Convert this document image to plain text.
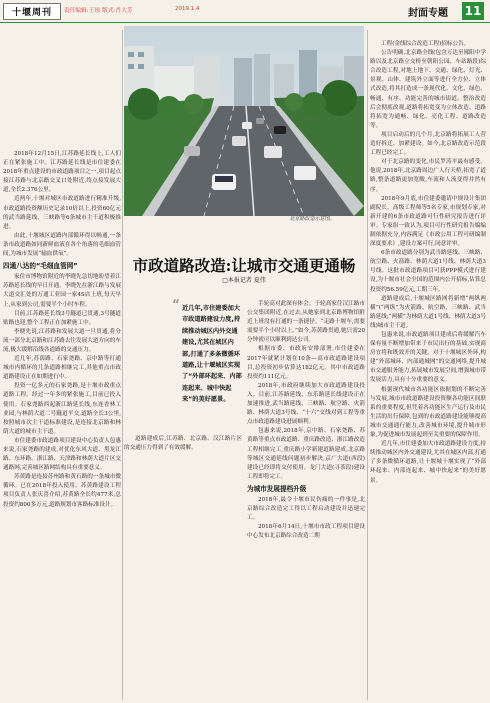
十堰周刊	责任编辑:王琼 版式:肖大芳	2019.1.4	封面专题 11
北京路改造示意图。
市政道路改造:让城市交通更通畅
□本报记者 夏伟

2018年12月15日,江苏路延长线上,工人们正在紧张施工中。江苏路延长线是市住建委在2018年重点建设的市政道路项目之一,项目起点接江苏路与北京路交叉口处附近,终点接发展大道,全长2.376公里。

近两年,十堰对城区市政道路进行精准升级,市政道路投资额历史记录10倍以上,投资60亿元的武当路延线、三峡路等6条城市主干道积极推进。

由此,十堰城区道路内部循环得以畅通,一条条市政道路如同新鲜血液在各个角落的毛细血管间,为城市发展“输血供氧”。

四通八达的“毛细血管网”

家住市博物馆附近的李晓先急切地盼望着江苏路延长线的早日开通。李晓先在浙江路与发展大道交汇处的万通工业园一家4S店上班,每天早上,从家到公司,需要半个小时车程。

目前,江苏路延长线3号隧道已贯通,3号隧道贴路也迎,整个工程正在加紧施工中。

李晓先说,江苏路和发展大道一旦贯通,将分流一部分北京路和江苏路去往发展大道方向的车流,极大缓解沿线各道路的交通压力。

近几年,苏茵路、石家尧路、京中路等打通城市内循环的几条道路相继完工,其他重点市政道路建设正在如期进行中。

投资一亿多元的石家尧路,是十堰市政重点道路工程。经过一年多的紧张施工,目前已投入使用。石家尧路西起浙江路延长线,东连香林工业园,与林荫大道二号隧道平交,道路全长3公里,按照城市次主干道标准建设,是连接北京路和林荫大道的城市主干道。

市住建委市政道路项目建设中心负责人包惠来说,石家尧路的建成,对优化东风大道、黑龙江路、东环路、浙江路、天津路和林荫大道片区交通路网,完善城区路网结构具有重要意义。

苏黄路是连接苏州路和黄石路的一条城市微循环。已在2018年投入使用。苏黄路建设工程项目负责人张庆喜介绍,苏黄路全长约477米,总投资约800多万元,道路规划市客路标准设计。

“ 近几年,市住建委加大市政道路建设力度,持续推动城区内外交通建设,尤其在城区内部,打通了多条微循环道路,让十堰城区实现了“外部环起来、内部连起来、城中快起来”的美好愿景。

道路建成后,江苏路、北京路、汉江路片区的交通压力得到了有效缓解。

手轮高对此深有体会。于轮高家住汉江路市公交集团附近,在过去,从她家到北京路博物馆附近上班没有打通的一条捷径。“走路十堰车,需要需要半个小时以上。”如今,苏黄路贯通,她只需20分钟就可以顺利到达公司。

根据市委、市政府安排部署,市住建委在2017年就紧计划在10条—高市政道路建设项目,总投资初步估算达182亿元。其中市政道路投资约111亿元。

2018年,市政府继续加大市政道路建设投入。目前,江苏路延线、东乐路延长线建设正在加速推进,武当路延线、三峡路、航空路、火箭路、林荫大道3号线、“十六”交线对到工程等重点市政道路建设进展顺利。

包惠来说,2018年,京中路、石家尧路、苏黄路等重点市政道路、重庆路改造、浙江路改造工程相继完工,重庆路小学新建道路建成,北京路等城区交通延线问题初步解决,京广大道(西段)建设已经即将交付使用。龙门大道(寻茶段)建设工程即将完工。

为城市发展提档升级

2018年,最令十堰市民伤痛的一件事是,北京路综合改造完工得以工程启动建设并迅速完工。

2018年6月14日,十堰市市政工程项目建设中心发布北京路综合改造二期

工程(金线综合改造工程)招标公告。

公告明确,北京路全线(包含万达至郧阳中学路以及北京路立交桥至朝阳公园、车站路段)综合改造工程,对地上地下、交通、绿化、灯光、景观、山体、建筑外立面等进行全方位、立体式改造,将其打造成一条现代化、文化、绿色、畅通、有序、功能完善的城市街道。整治改造后会彻底改观,道路将拓宽变为立体改造、道路将拓宽为通畅、绿化、亮化工程、道路改造等。

项目启动后的几个月,北京路将拓展工人营造好拆迁、加紧建设。如今,北京路改造示范段工程已经完工。

对于北京路的变化,市民罗涛平最有感受。他说,2018年,北京路周边广人行天桥,拓宽了道路,整条道路更加宽敞,车流和人流变得井然有序。

2018年9月底,市住建委邀请中规设计集团副院长、高级工程师等5名专家,市规划专家,对新开建的6条市政道路可行性研究报告进行评审。专家组一致认为,项目可行性研究报告编编制依据充分,内容满足《市政公用工程可研编制深度要求》,建设方案可行,同意评审。

6条市政道路分别为武当路延线、三峡路、航空路、火箭路、林荫大道1号线、林荫大道3号线。这批市政道路项目可获PPP模式进行建设,为十堰市社会全国的范围内公开招标,估算总投资约56.59亿元,工期三年。

道路建成后,十堰城区路网将新增“两纵两横”(“两纵”为火箭路、航空路、三峡路、武当路延线;“两横”为林荫大道1号线、林荫大道3号线)城市主干道。

包惠来说,市政道路项目建成后将缓解汽车保有量不断增加带来于市民出行的基础,实现商房宜将和既效开的关键。对于十堰城区外环,构建“外部城环、内部通城网”的交通网络,提升城市交通服务能力,拓展城市发展空间,增强城市带发展活力,具有十分重要的意义。

根据现代城市各功能区依据划的不断完善与发展,城市市政道路建设投资额各功能区间联系的重要程度,但凭着各功能区生产运行及市民生活的出行保障,包到的市政道路建设能够提高城市交通通行能力,改善城市环境,提升城市形象,为促进城市发展起到至关重要的保障作用。

近几年,市住建委加大市政道路建设力度,持续推动城区内外交通建设,尤其在城区内部,打通了多条微循环道路,让十堰城十堰实现了“外部环起来、内部连起来、城中快起来”的美好愿景。
